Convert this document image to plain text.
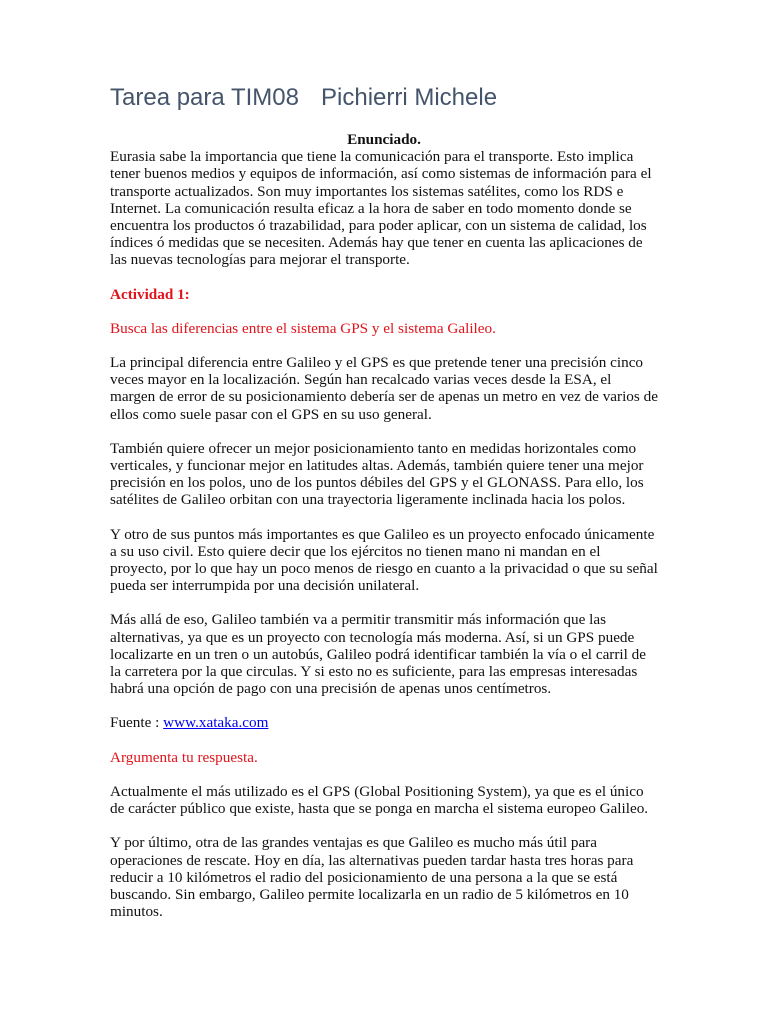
Tarea para TIM08 Pichierri Michele

Enunciado.

Eurasia sabe la importancia que tiene la comunicación para el transporte. Esto implica tener buenos medios y equipos de información, así como sistemas de información para el transporte actualizados. Son muy importantes los sistemas satélites, como los RDS e Internet. La comunicación resulta eficaz a la hora de saber en todo momento donde se encuentra los productos ó trazabilidad, para poder aplicar, con un sistema de calidad, los índices ó medidas que se necesiten. Además hay que tener en cuenta las aplicaciones de las nuevas tecnologías para mejorar el transporte.

Actividad 1:

Busca las diferencias entre el sistema GPS y el sistema Galileo.

La principal diferencia entre Galileo y el GPS es que pretende tener una precisión cinco veces mayor en la localización. Según han recalcado varias veces desde la ESA, el margen de error de su posicionamiento debería ser de apenas un metro en vez de varios de ellos como suele pasar con el GPS en su uso general.

También quiere ofrecer un mejor posicionamiento tanto en medidas horizontales como verticales, y funcionar mejor en latitudes altas. Además, también quiere tener una mejor precisión en los polos, uno de los puntos débiles del GPS y el GLONASS. Para ello, los satélites de Galileo orbitan con una trayectoria ligeramente inclinada hacia los polos.

Y otro de sus puntos más importantes es que Galileo es un proyecto enfocado únicamente a su uso civil. Esto quiere decir que los ejércitos no tienen mano ni mandan en el proyecto, por lo que hay un poco menos de riesgo en cuanto a la privacidad o que su señal pueda ser interrumpida por una decisión unilateral.

Más allá de eso, Galileo también va a permitir transmitir más información que las alternativas, ya que es un proyecto con tecnología más moderna. Así, si un GPS puede localizarte en un tren o un autobús, Galileo podrá identificar también la vía o el carril de la carretera por la que circulas. Y si esto no es suficiente, para las empresas interesadas habrá una opción de pago con una precisión de apenas unos centímetros.

Fuente : www.xataka.com

Argumenta tu respuesta.

Actualmente el más utilizado es el GPS (Global Positioning System), ya que es el único de carácter público que existe, hasta que se ponga en marcha el sistema europeo Galileo.

Y por último, otra de las grandes ventajas es que Galileo es mucho más útil para operaciones de rescate. Hoy en día, las alternativas pueden tardar hasta tres horas para reducir a 10 kilómetros el radio del posicionamiento de una persona a la que se está buscando. Sin embargo, Galileo permite localizarla en un radio de 5 kilómetros en 10 minutos.
